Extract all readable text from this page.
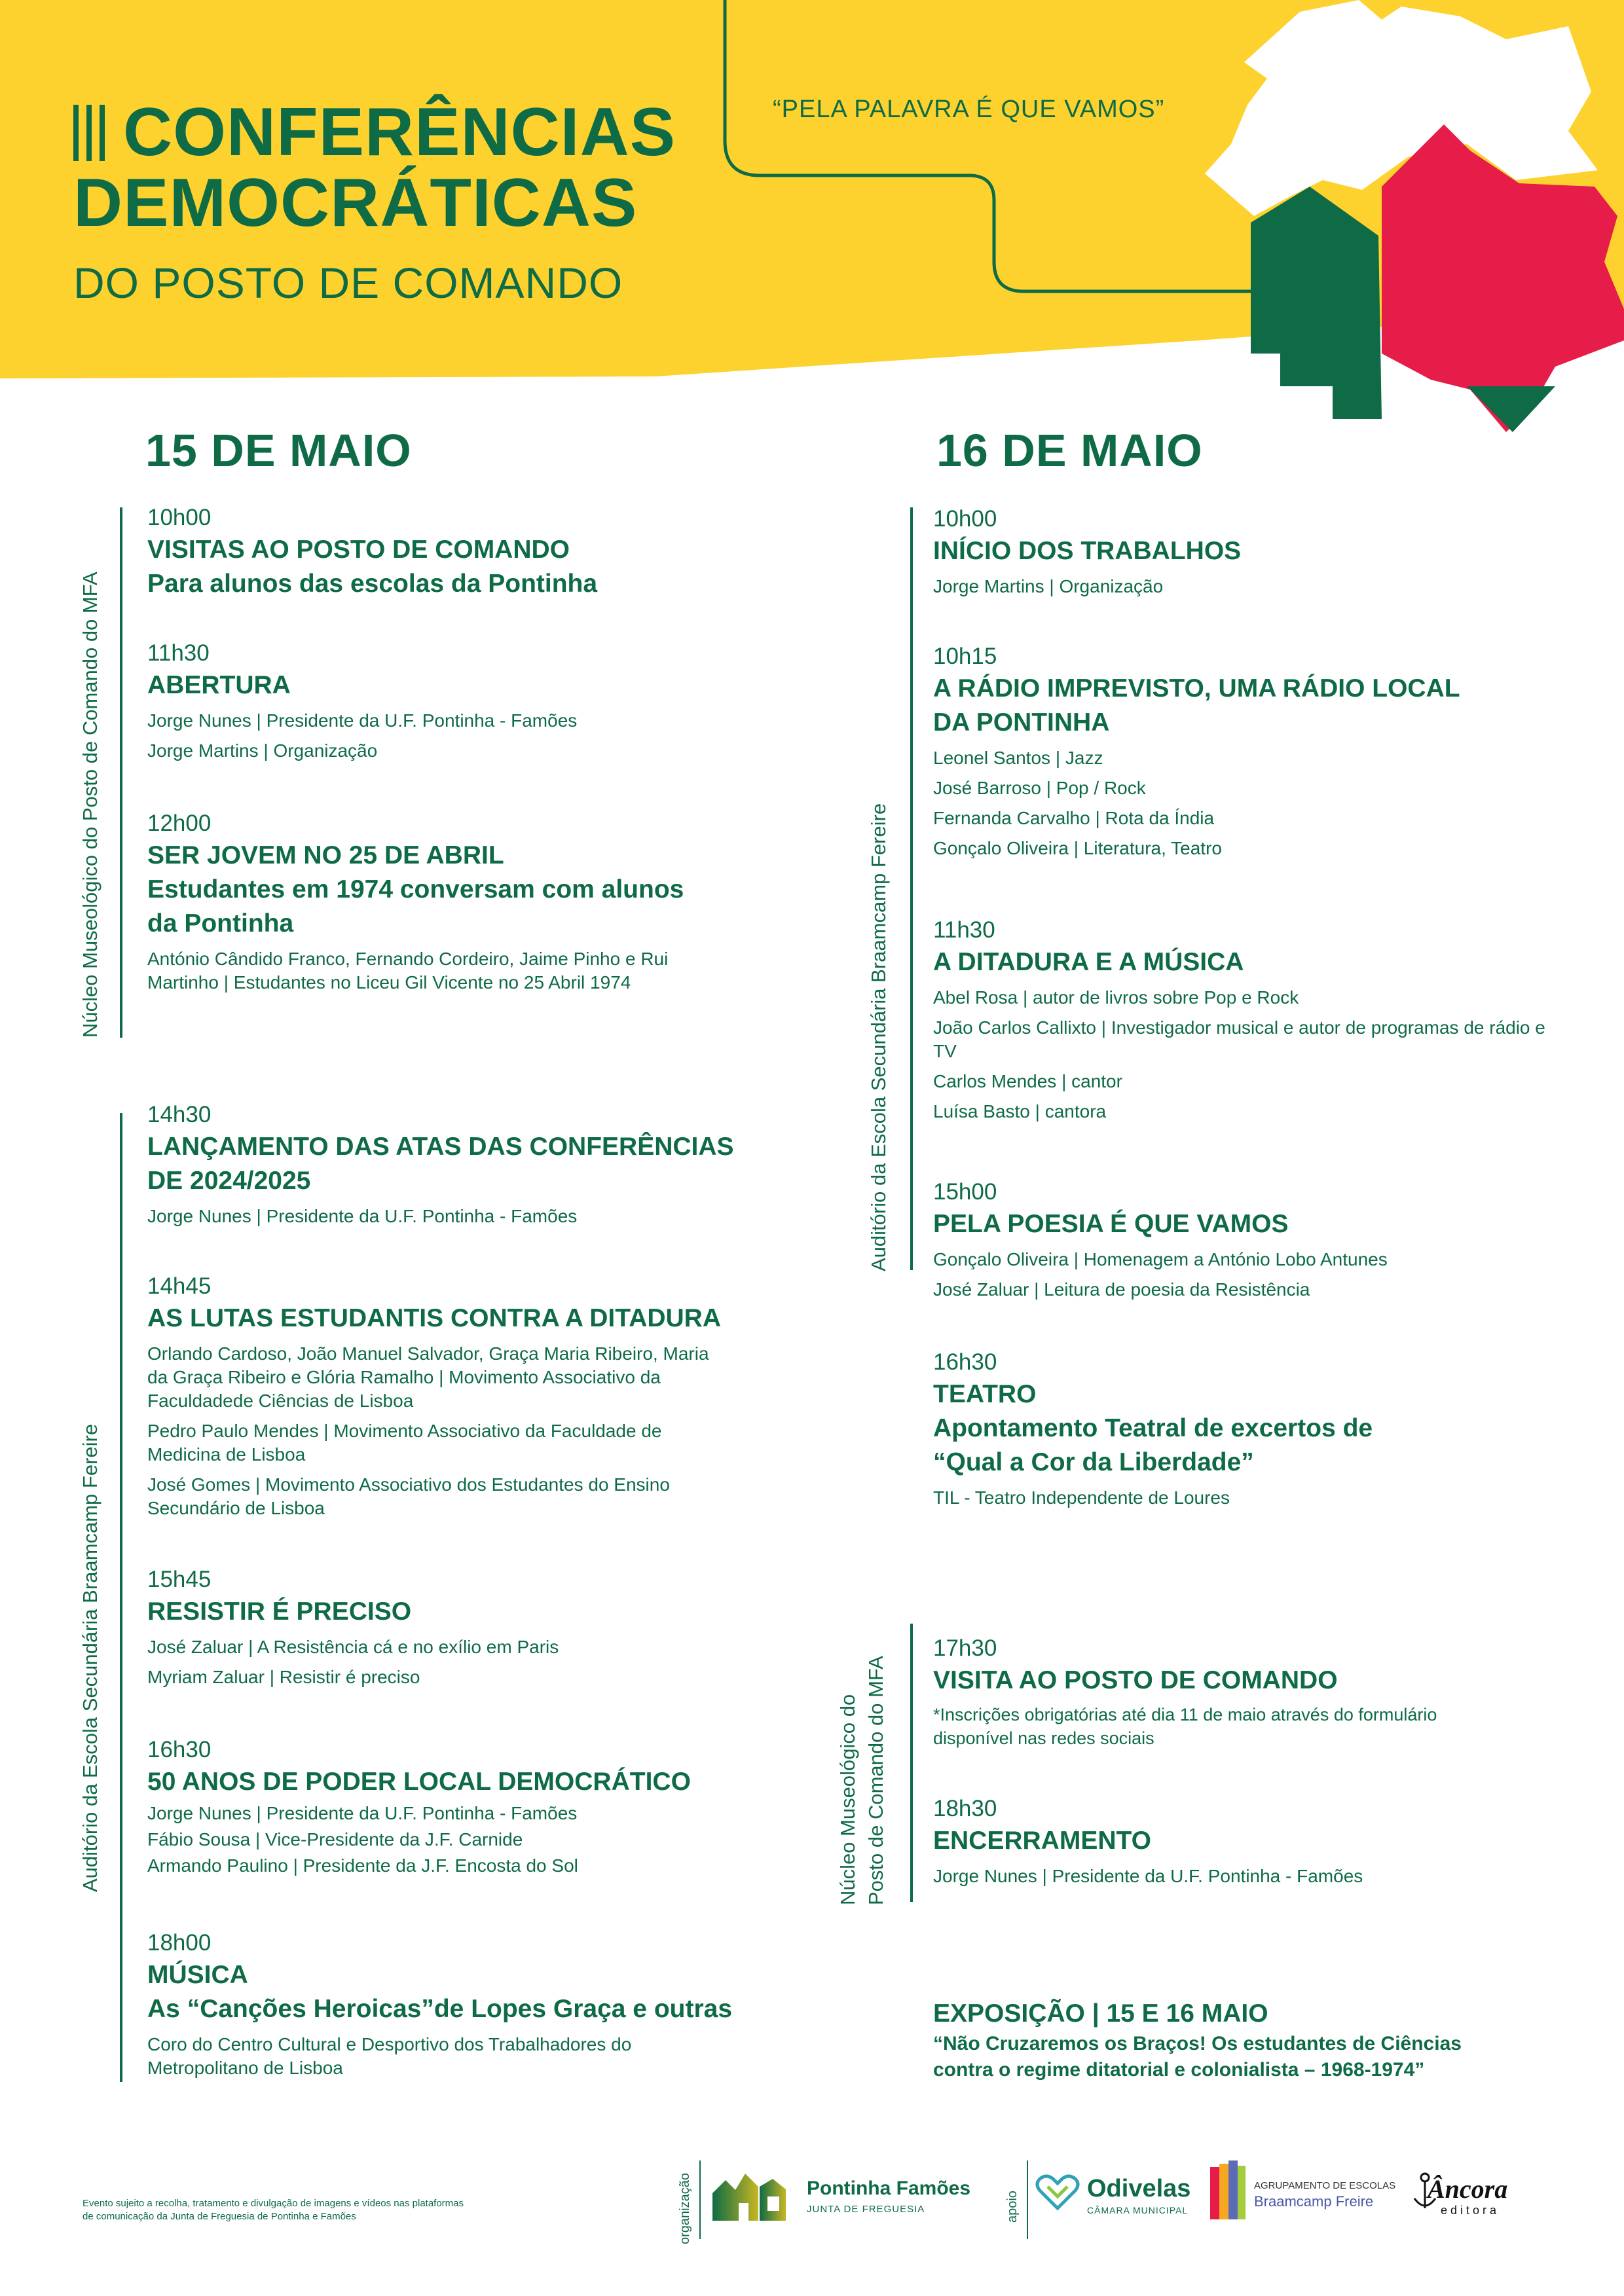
CONFERÊNCIAS
DEMOCRÁTICAS
DO POSTO DE COMANDO
“PELA PALAVRA É QUE VAMOS”
15 DE MAIO	16 DE MAIO
Núcleo Museológico do Posto de Comando do MFA
Auditório da Escola Secundária Braamcamp Fereire
Auditório da Escola Secundária Braamcamp Fereire
Núcleo Museológico do Posto de Comando do MFA
10h00
VISITAS AO POSTO DE COMANDO
Para alunos das escolas da Pontinha
11h30
ABERTURA
Jorge Nunes | Presidente da U.F. Pontinha - Famões
Jorge Martins | Organização
12h00
SER JOVEM NO 25 DE ABRIL
Estudantes em 1974 conversam com alunos
da Pontinha
António Cândido Franco, Fernando Cordeiro, Jaime Pinho e Rui Martinho | Estudantes no Liceu Gil Vicente no 25 Abril 1974
14h30
LANÇAMENTO DAS ATAS DAS CONFERÊNCIAS
DE 2024/2025
Jorge Nunes | Presidente da U.F. Pontinha - Famões
14h45
AS LUTAS ESTUDANTIS CONTRA A DITADURA
Orlando Cardoso, João Manuel Salvador, Graça Maria Ribeiro, Maria da Graça Ribeiro e Glória Ramalho | Movimento Associativo da Faculdadede Ciências de Lisboa
Pedro Paulo Mendes | Movimento Associativo da Faculdade de Medicina de Lisboa
José Gomes | Movimento Associativo dos Estudantes do Ensino Secundário de Lisboa
15h45
RESISTIR É PRECISO
José Zaluar | A Resistência cá e no exílio em Paris
Myriam Zaluar | Resistir é preciso
16h30
50 ANOS DE PODER LOCAL DEMOCRÁTICO
Jorge Nunes | Presidente da U.F. Pontinha - Famões
Fábio Sousa | Vice-Presidente da J.F. Carnide
Armando Paulino | Presidente da J.F. Encosta do Sol
18h00
MÚSICA
As “Canções Heroicas”de Lopes Graça e outras
Coro do Centro Cultural e Desportivo dos Trabalhadores do Metropolitano de Lisboa
10h00
INÍCIO DOS TRABALHOS
Jorge Martins | Organização
10h15
A RÁDIO IMPREVISTO, UMA RÁDIO LOCAL
DA PONTINHA
Leonel Santos | Jazz
José Barroso | Pop / Rock
Fernanda Carvalho | Rota da Índia
Gonçalo Oliveira | Literatura, Teatro
11h30
A DITADURA E A MÚSICA
Abel Rosa | autor de livros sobre Pop e Rock
João Carlos Callixto | Investigador musical e autor de programas de rádio e TV
Carlos Mendes | cantor
Luísa Basto | cantora
15h00
PELA POESIA É QUE VAMOS
Gonçalo Oliveira | Homenagem a António Lobo Antunes
José Zaluar | Leitura de poesia da Resistência
16h30
TEATRO
Apontamento Teatral de excertos de
“Qual a Cor da Liberdade”
TIL - Teatro Independente de Loures
17h30
VISITA AO POSTO DE COMANDO
*Inscrições obrigatórias até dia 11 de maio através do formulário disponível nas redes sociais
18h30
ENCERRAMENTO
Jorge Nunes | Presidente da U.F. Pontinha - Famões
EXPOSIÇÃO | 15 E 16 MAIO
“Não Cruzaremos os Braços! Os estudantes de Ciências
contra o regime ditatorial e colonialista – 1968-1974”
Evento sujeito a recolha, tratamento e divulgação de imagens e vídeos nas plataformas
de comunicação da Junta de Freguesia de Pontinha e Famões	organização	Pontinha Famões
JUNTA DE FREGUESIA	apoio
Odivelas
CÂMARA MUNICIPAL
AGRUPAMENTO DE ESCOLAS
Braamcamp Freire Âncora
editora
